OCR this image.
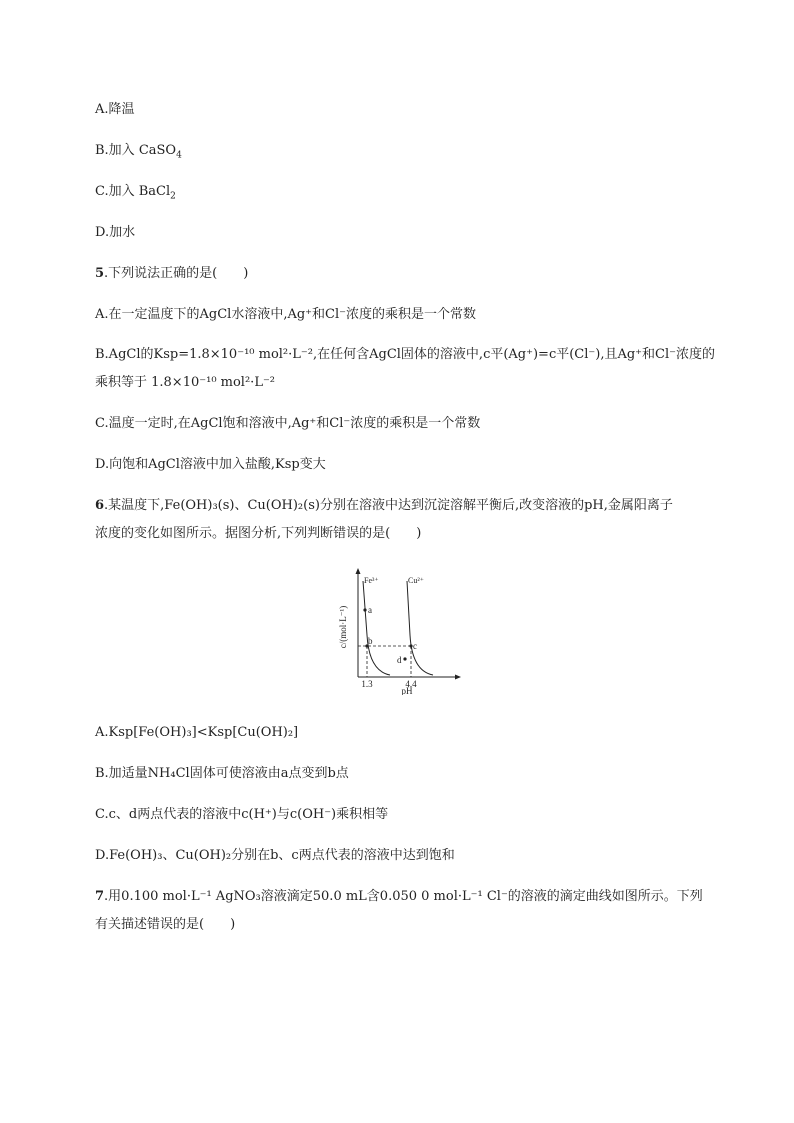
A.降温
B.加入 CaSO$_4$
C.加入 BaCl$_2$
D.加水
5.下列说法正确的是(　　)
A.在一定温度下的AgCl水溶液中,Ag⁺和Cl⁻浓度的乘积是一个常数
B.AgCl的Ksp=1.8×10⁻¹⁰ mol²·L⁻²,在任何含AgCl固体的溶液中,c平(Ag⁺)=c平(Cl⁻),且Ag⁺和Cl⁻浓度的
乘积等于 1.8×10⁻¹⁰ mol²·L⁻²
C.温度一定时,在AgCl饱和溶液中,Ag⁺和Cl⁻浓度的乘积是一个常数
D.向饱和AgCl溶液中加入盐酸,Ksp变大
6.某温度下,Fe(OH)₃(s)、Cu(OH)₂(s)分别在溶液中达到沉淀溶解平衡后,改变溶液的pH,金属阳离子
浓度的变化如图所示。据图分析,下列判断错误的是(　　)
c/(mol·L⁻¹)
Fe³⁺	Cu²⁺
a
b	c
d
1.3	4.4
pH
A.Ksp[Fe(OH)₃]<Ksp[Cu(OH)₂]
B.加适量NH₄Cl固体可使溶液由a点变到b点
C.c、d两点代表的溶液中c(H⁺)与c(OH⁻)乘积相等
D.Fe(OH)₃、Cu(OH)₂分别在b、c两点代表的溶液中达到饱和
7.用0.100 mol·L⁻¹ AgNO₃溶液滴定50.0 mL含0.050 0 mol·L⁻¹ Cl⁻的溶液的滴定曲线如图所示。下列
有关描述错误的是(　　)
